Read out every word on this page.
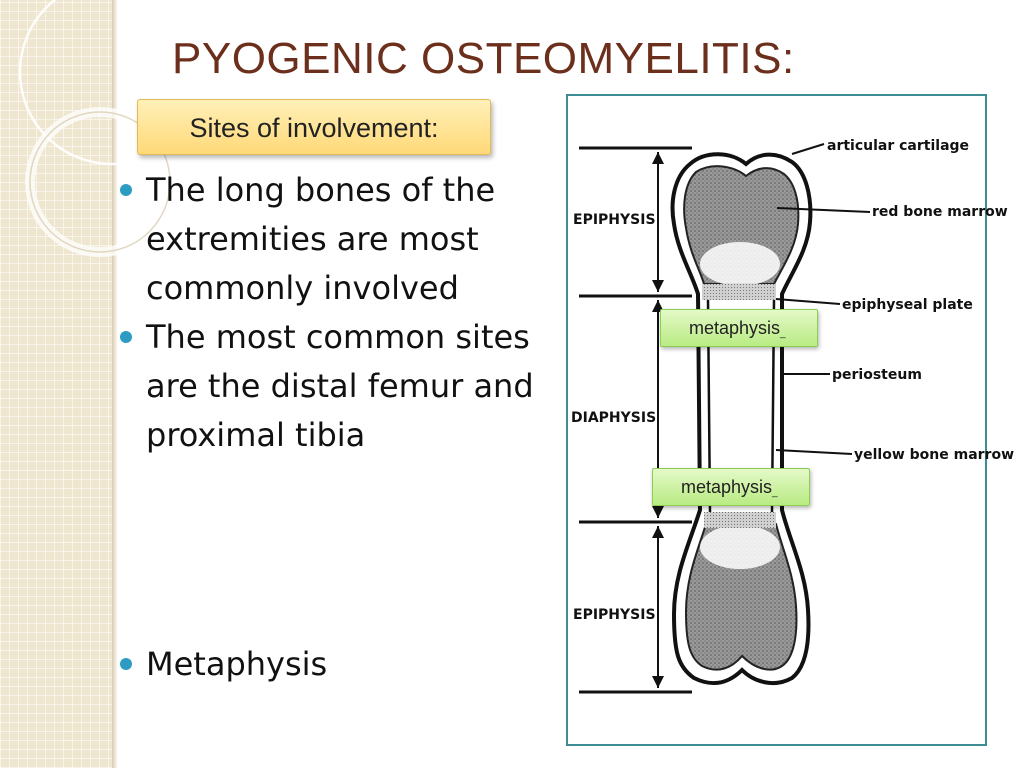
PYOGENIC OSTEOMYELITIS:
Sites of involvement:
The long bones of the extremities are most commonly involved
The most common sites are the distal femur and proximal tibia
Metaphysis
EPIPHYSIS
DIAPHYSIS
EPIPHYSIS
articular cartilage
red bone marrow
epiphyseal plate
periosteum
yellow bone marrow
metaphysis_
metaphysis_
